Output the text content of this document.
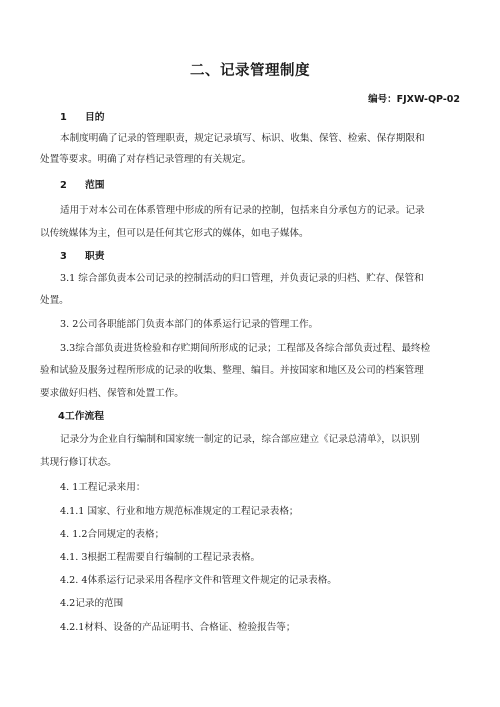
二、记录管理制度
编号：FJXW-QP-02
1 目的
本制度明确了记录的管理职责，规定记录填写、标识、收集、保管、检索、保存期限和
处置等要求。明确了对存档记录管理的有关规定。
2 范围
适用于对本公司在体系管理中形成的所有记录的控制，包括来自分承包方的记录。记录
以传统媒体为主，但可以是任何其它形式的媒体，如电子媒体。
3 职责
3.1 综合部负责本公司记录的控制活动的归口管理，并负责记录的归档、贮存、保管和
处置。
3. 2公司各职能部门负责本部门的体系运行记录的管理工作。
3.3综合部负责进货检验和存贮期间所形成的记录；工程部及各综合部负责过程、最终检
验和试验及服务过程所形成的记录的收集、整理、编目。并按国家和地区及公司的档案管理
要求做好归档、保管和处置工作。
4工作流程
记录分为企业自行编制和国家统一制定的记录，综合部应建立《记录总清单》，以识别
其现行修订状态。
4. 1工程记录来用：
4.1.1 国家、行业和地方规范标准规定的工程记录表格；
4. 1.2合同规定的表格；
4.1. 3根据工程需要自行编制的工程记录表格。
4.2. 4体系运行记录采用各程序文件和管理文件规定的记录表格。
4.2记录的范围
4.2.1材料、设备的产品证明书、合格证、检验报告等；
